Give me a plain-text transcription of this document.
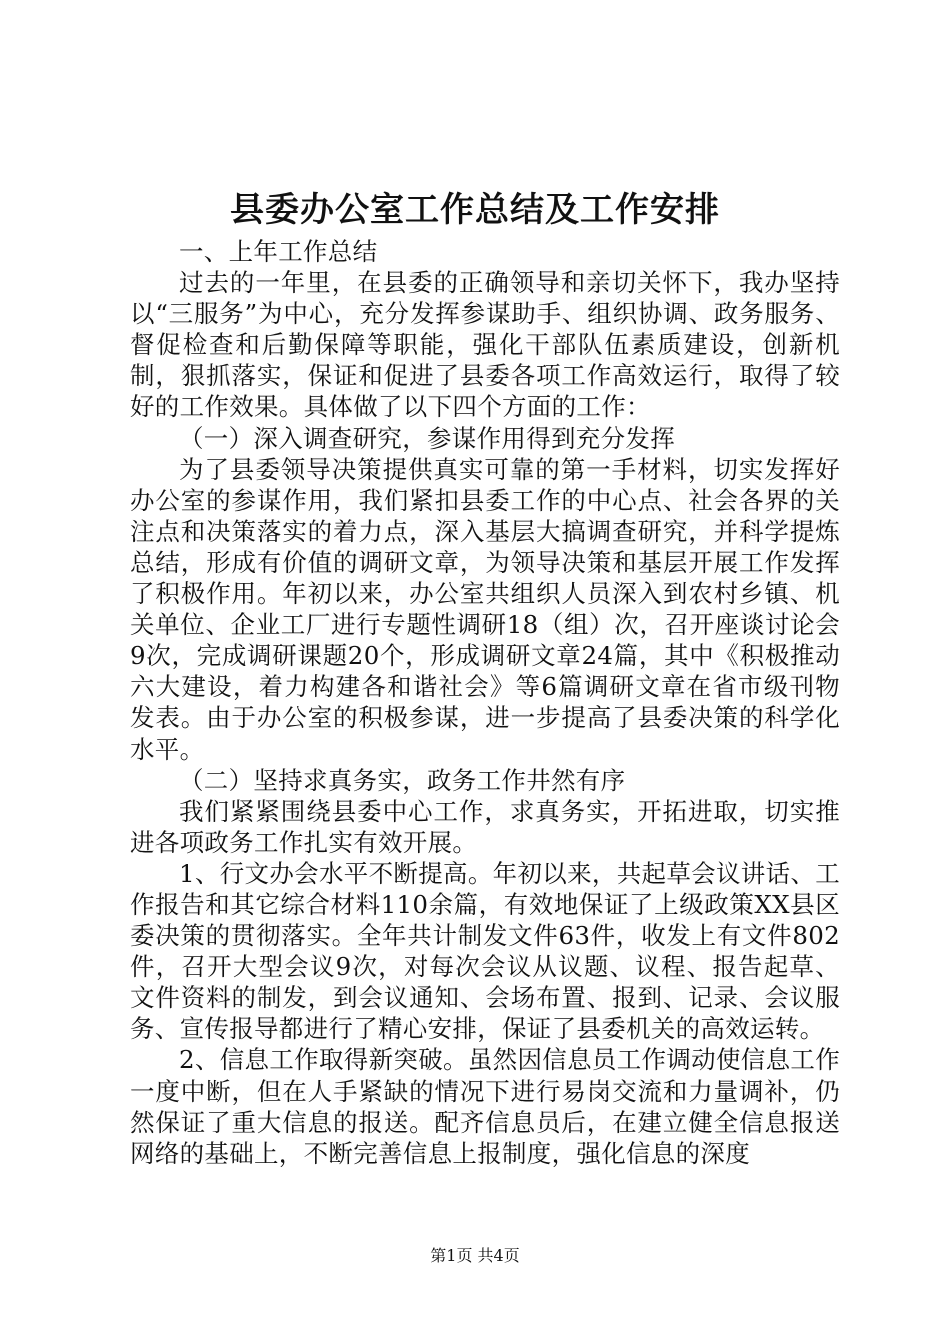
县委办公室工作总结及工作安排

一、上年工作总结

过去的一年里，在县委的正确领导和亲切关怀下，我办坚持以“三服务”为中心，充分发挥参谋助手、组织协调、政务服务、督促检查和后勤保障等职能，强化干部队伍素质建设，创新机制，狠抓落实，保证和促进了县委各项工作高效运行，取得了较好的工作效果。具体做了以下四个方面的工作：

（一）深入调查研究，参谋作用得到充分发挥

为了县委领导决策提供真实可靠的第一手材料，切实发挥好办公室的参谋作用，我们紧扣县委工作的中心点、社会各界的关注点和决策落实的着力点，深入基层大搞调查研究，并科学提炼总结，形成有价值的调研文章，为领导决策和基层开展工作发挥了积极作用。年初以来，办公室共组织人员深入到农村乡镇、机关单位、企业工厂进行专题性调研18（组）次，召开座谈讨论会9次，完成调研课题20个，形成调研文章24篇，其中《积极推动六大建设，着力构建各和谐社会》等6篇调研文章在省市级刊物发表。由于办公室的积极参谋，进一步提高了县委决策的科学化水平。

（二）坚持求真务实，政务工作井然有序

我们紧紧围绕县委中心工作，求真务实，开拓进取，切实推进各项政务工作扎实有效开展。

1、行文办会水平不断提高。年初以来，共起草会议讲话、工作报告和其它综合材料110余篇，有效地保证了上级政策XX县区委决策的贯彻落实。全年共计制发文件63件，收发上有文件802件，召开大型会议9次，对每次会议从议题、议程、报告起草、文件资料的制发，到会议通知、会场布置、报到、记录、会议服务、宣传报导都进行了精心安排，保证了县委机关的高效运转。

2、信息工作取得新突破。虽然因信息员工作调动使信息工作一度中断，但在人手紧缺的情况下进行易岗交流和力量调补，仍然保证了重大信息的报送。配齐信息员后，在建立健全信息报送网络的基础上，不断完善信息上报制度，强化信息的深度

第1页 共4页
